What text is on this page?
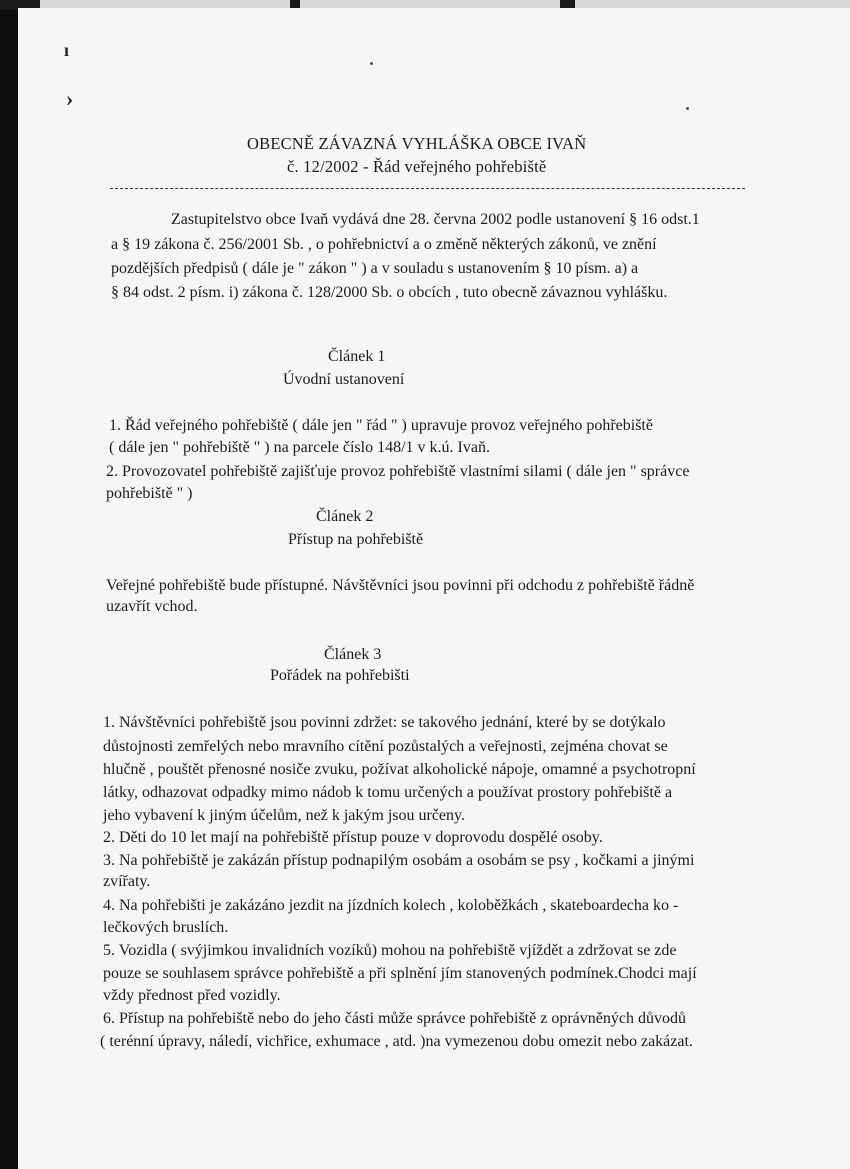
ı
›
OBECNĚ ZÁVAZNÁ VYHLÁŠKA OBCE IVAŇ
č. 12/2002 - Řád veřejného pohřebiště
Zastupitelstvo obce Ivaň vydává dne 28. června 2002 podle ustanovení § 16 odst.1
a § 19 zákona č. 256/2001 Sb. , o pohřebnictví a o změně některých zákonů, ve znění
pozdějších předpisů ( dále je " zákon " ) a v souladu s ustanovením § 10 písm. a) a
§ 84 odst. 2 písm. i) zákona č. 128/2000 Sb. o obcích , tuto obecně závaznou vyhlášku.
Článek 1
Úvodní ustanovení
1. Řád veřejného pohřebiště ( dále jen " řád " ) upravuje provoz veřejného pohřebiště
( dále jen " pohřebiště " ) na parcele číslo 148/1 v k.ú. Ivaň.
2. Provozovatel pohřebiště zajišťuje provoz pohřebiště vlastními silami ( dále jen " správce
pohřebiště " )
Článek 2
Přístup na pohřebiště
Veřejné pohřebiště bude přístupné. Návštěvníci jsou povinni při odchodu z pohřebiště řádně
uzavřít vchod.
Článek 3
Pořádek na pohřebišti
1. Návštěvníci pohřebiště jsou povinni zdržet: se takového jednání, které by se dotýkalo
důstojnosti zemřelých nebo mravního cítění pozůstalých a veřejnosti, zejména chovat se
hlučně , pouštět přenosné nosiče zvuku, požívat alkoholické nápoje, omamné a psychotropní
látky, odhazovat odpadky mimo nádob k tomu určených a používat prostory pohřebiště a
jeho vybavení k jiným účelům, než k jakým jsou určeny.
2. Děti do 10 let mají na pohřebiště přístup pouze v doprovodu dospělé osoby.
3. Na pohřebiště je zakázán přístup podnapilým osobám a osobám se psy , kočkami a jinými
zvířaty.
4. Na pohřebišti je zakázáno jezdit na jízdních kolech , koloběžkách , skateboardecha ko -
lečkových bruslích.
5. Vozidla ( svýjimkou invalidních vozíků) mohou na pohřebiště vjíždět a zdržovat se zde
pouze se souhlasem správce pohřebiště a při splnění jím stanovených podmínek.Chodci mají
vždy přednost před vozidly.
6. Přístup na pohřebiště nebo do jeho části může správce pohřebiště z oprávněných důvodů
( terénní úpravy, náledí, vichřice, exhumace , atd. )na vymezenou dobu omezit nebo zakázat.
